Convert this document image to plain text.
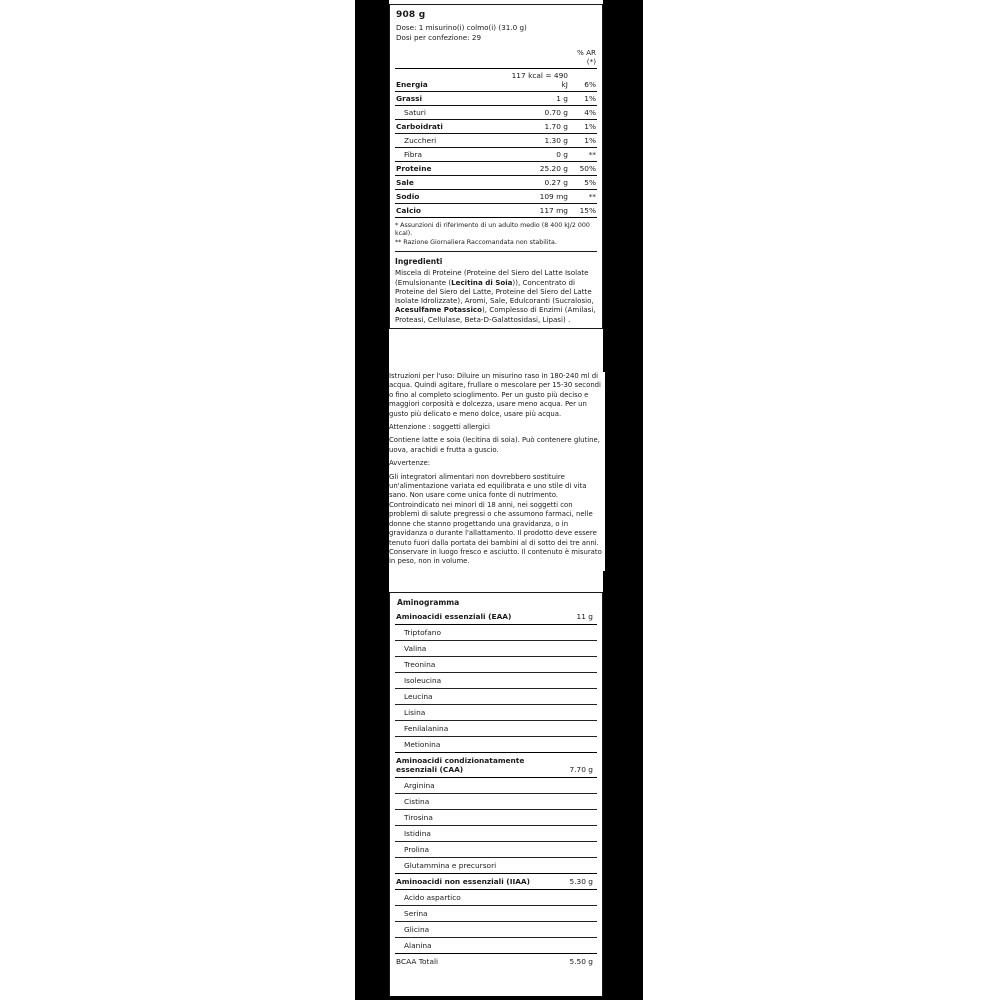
908 g
Dose: 1 misurino(i) colmo(i) (31.0 g)
Dosi per confezione: 29
		% AR (*)
Energia	117 kcal = 490 kJ	6%
Grassi	1 g	1%
Saturi	0.70 g	4%
Carboidrati	1.70 g	1%
Zuccheri	1.30 g	1%
Fibra	0 g	**
Proteine	25.20 g	50%
Sale	0.27 g	5%
Sodio	109 mg	**
Calcio	117 mg	15%
* Assunzioni di riferimento di un adulto medio (8 400 kJ/2 000 kcal).
** Razione Giornaliera Raccomandata non stabilita.
Ingredienti
Miscela di Proteine (Proteine del Siero del Latte Isolate (Emulsionante (Lecitina di Soia)), Concentrato di Proteine del Siero del Latte, Proteine del Siero del Latte Isolate Idrolizzate), Aromi, Sale, Edulcoranti (Sucralosio, Acesulfame Potassico), Complesso di Enzimi (Amilasi, Proteasi, Cellulase, Beta-D-Galattosidasi, Lipasi) .

Istruzioni per l'uso: Diluire un misurino raso in 180-240 ml di acqua. Quindi agitare, frullare o mescolare per 15-30 secondi o fino al completo scioglimento. Per un gusto più deciso e maggiori corposità e dolcezza, usare meno acqua. Per un gusto più delicato e meno dolce, usare più acqua.

Attenzione : soggetti allergici

Contiene latte e soia (lecitina di soia). Può contenere glutine, uova, arachidi e frutta a guscio.

Avvertenze:

Gli integratori alimentari non dovrebbero sostituire un'alimentazione variata ed equilibrata e uno stile di vita sano. Non usare come unica fonte di nutrimento. Controindicato nei minori di 18 anni, nei soggetti con problemi di salute pregressi o che assumono farmaci, nelle donne che stanno progettando una gravidanza, o in gravidanza o durante l'allattamento. Il prodotto deve essere tenuto fuori dalla portata dei bambini al di sotto dei tre anni. Conservare in luogo fresco e asciutto. Il contenuto è misurato in peso, non in volume.

Aminogramma
Aminoacidi essenziali (EAA)	11 g
Triptofano	
Valina	
Treonina	
Isoleucina	
Leucina	
Lisina	
Fenilalanina	
Metionina	
Aminoacidi condizionatamente essenziali (CAA)	7.70 g
Arginina	
Cistina	
Tirosina	
Istidina	
Prolina	
Glutammina e precursori	
Aminoacidi non essenziali (IIAA)	5.30 g
Acido aspartico	
Serina	
Glicina	
Alanina	
BCAA Totali	5.50 g
